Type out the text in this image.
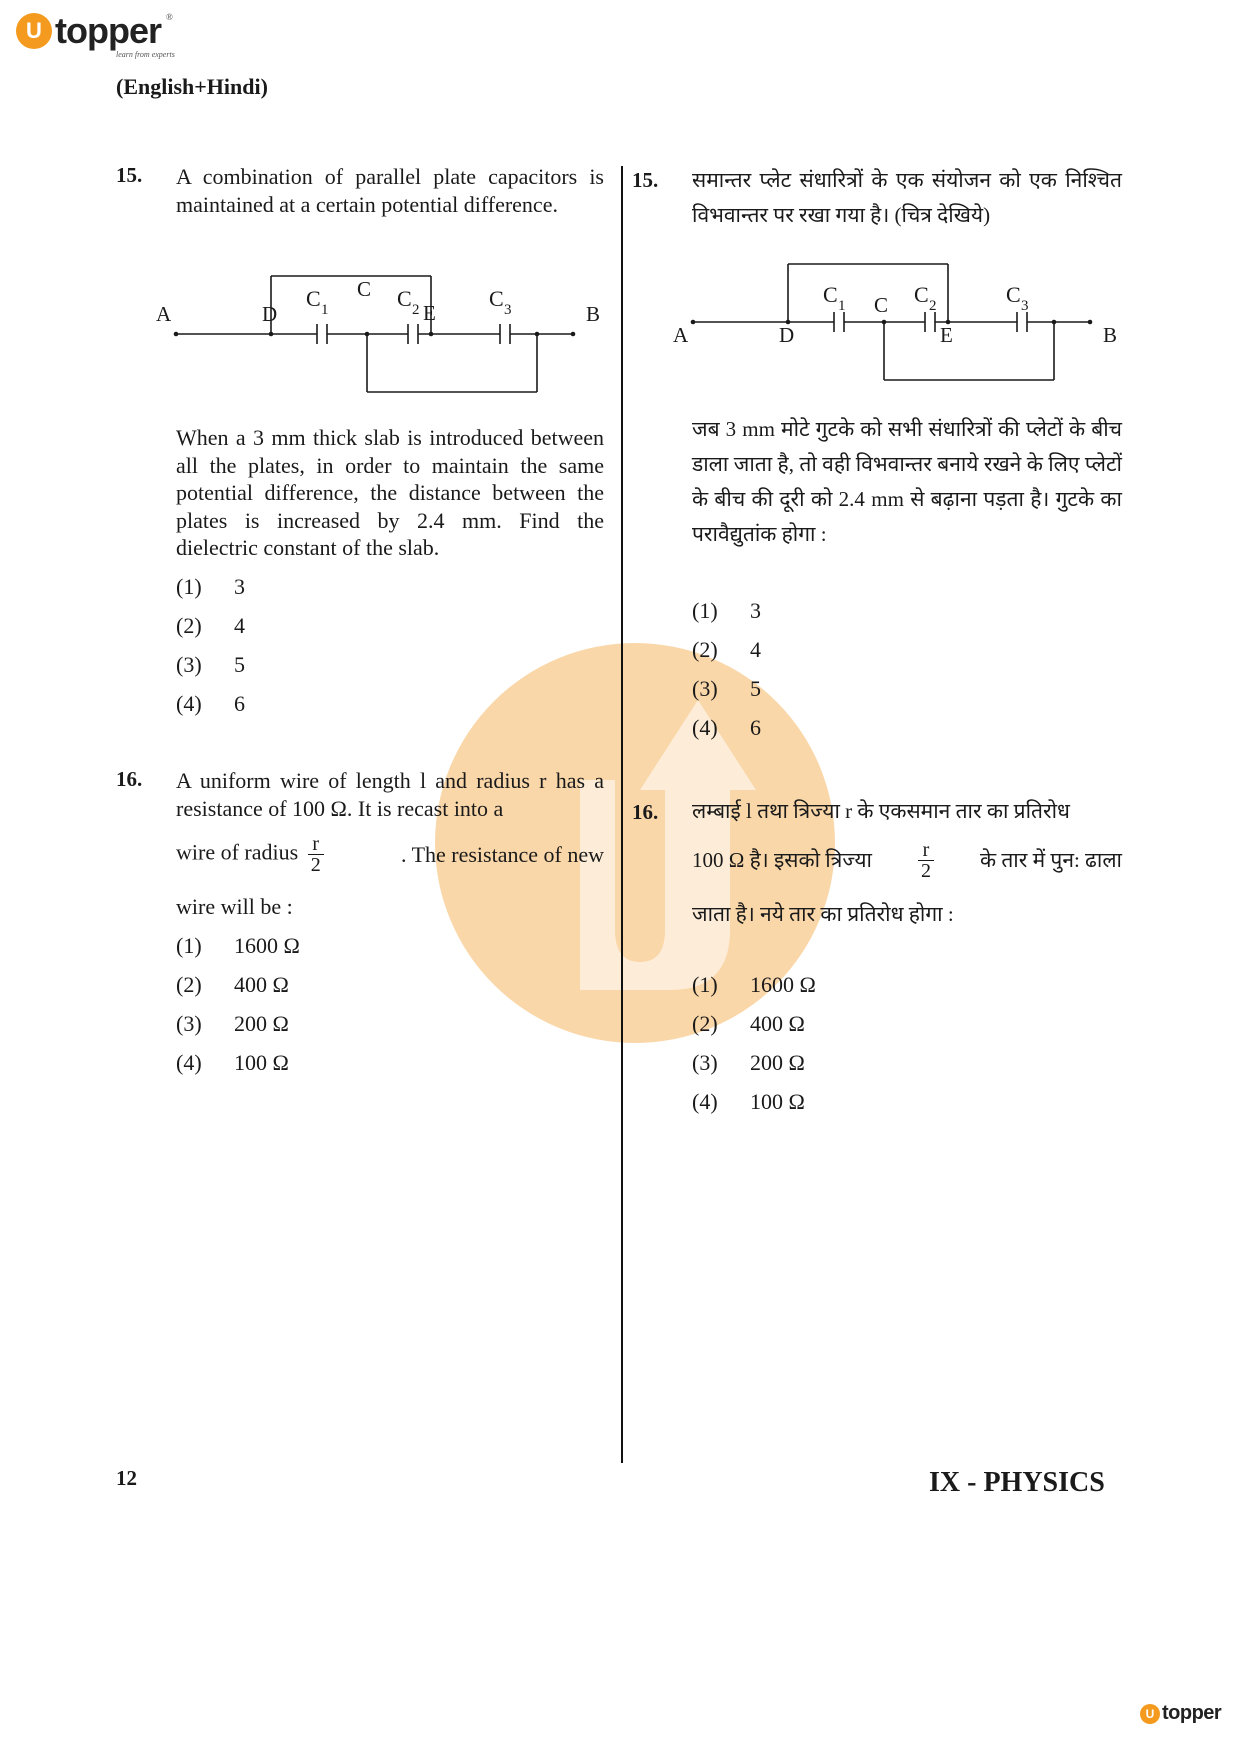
U topper
learn from experts
®
(English+Hindi)
15. A combination of parallel plate capacitors is maintained at a certain potential difference.
A	D
C
E	B
C 1	C 2	C 3
When a 3 mm thick slab is introduced between all the plates, in order to maintain the same potential difference, the distance between the plates is increased by 2.4 mm. Find the dielectric constant of the slab.
(1)	3
(2)	4
(3)	5
(4)	6
16. A uniform wire of length l and radius r has a resistance of 100 Ω. It is recast into a
wire of radius $\frac{r}{2}$	. The resistance of new
wire will be :
(1)	1600 Ω
(2)	400 Ω
(3)	200 Ω
(4)	100 Ω
15. समान्तर प्लेट संधारित्रों के एक संयोजन को एक निश्चित विभवान्तर पर रखा गया है। (चित्र देखिये)
A	D
C
E	B
C 1	C 2	C 3
जब 3 mm मोटे गुटके को सभी संधारित्रों की प्लेटों के बीच डाला जाता है, तो वही विभवान्तर बनाये रखने के लिए प्लेटों के बीच की दूरी को 2.4 mm से बढ़ाना पड़ता है। गुटके का परावैद्युतांक होगा :
(1)	3
(2)	4
(3)	5
(4)	6
16. लम्बाई l तथा त्रिज्या r के एकसमान तार का प्रतिरोध
100 Ω है। इसको त्रिज्या $\frac{r}{2}$ के तार में पुन: ढाला
जाता है। नये तार का प्रतिरोध होगा :
(1)	1600 Ω
(2)	400 Ω
(3)	200 Ω
(4)	100 Ω
12	IX - PHYSICS
U topper
